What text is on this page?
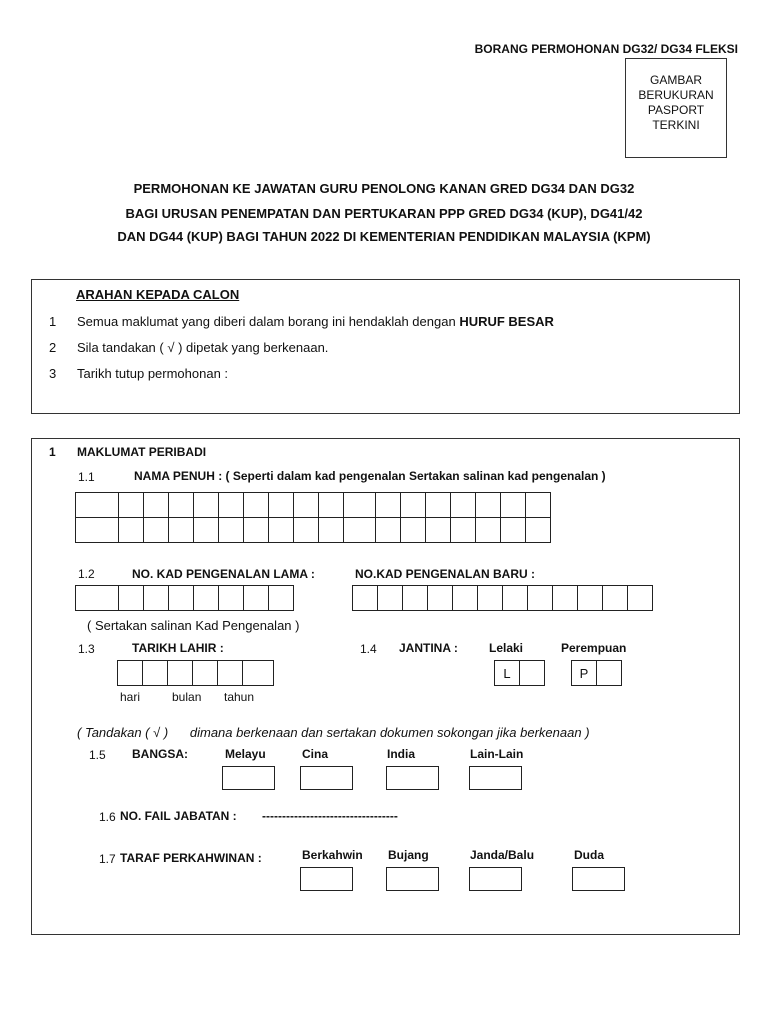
BORANG PERMOHONAN DG32/ DG34 FLEKSI
GAMBAR
BERUKURAN
PASPORT
TERKINI
PERMOHONAN KE JAWATAN GURU PENOLONG KANAN GRED DG34 DAN DG32
BAGI URUSAN PENEMPATAN DAN PERTUKARAN PPP GRED DG34 (KUP), DG41/42
DAN DG44 (KUP) BAGI TAHUN 2022 DI KEMENTERIAN PENDIDIKAN MALAYSIA (KPM)
ARAHAN KEPADA CALON
1 Semua maklumat yang diberi dalam borang ini hendaklah dengan HURUF BESAR
2 Sila tandakan ( √ ) dipetak yang berkenaan.
3 Tarikh tutup permohonan :
1 MAKLUMAT PERIBADI
1.1	NAMA PENUH : ( Seperti dalam kad pengenalan Sertakan salinan kad pengenalan )
1.2	NO. KAD PENGENALAN LAMA :	NO.KAD PENGENALAN BARU :
( Sertakan salinan Kad Pengenalan )
1.3	TARIKH LAHIR :
hari	bulan tahun
1.4 JANTINA :	Lelaki	Perempuan
L	P
( Tandakan ( √ )      dimana berkenaan dan sertakan dokumen sokongan jika berkenaan )
1.5 BANGSA:	Melayu	Cina	India	Lain-Lain
1.6 NO. FAIL JABATAN : ----------------------------------
1.7 TARAF PERKAHWINAN :	Berkahwin Bujang	Janda/Balu	Duda
